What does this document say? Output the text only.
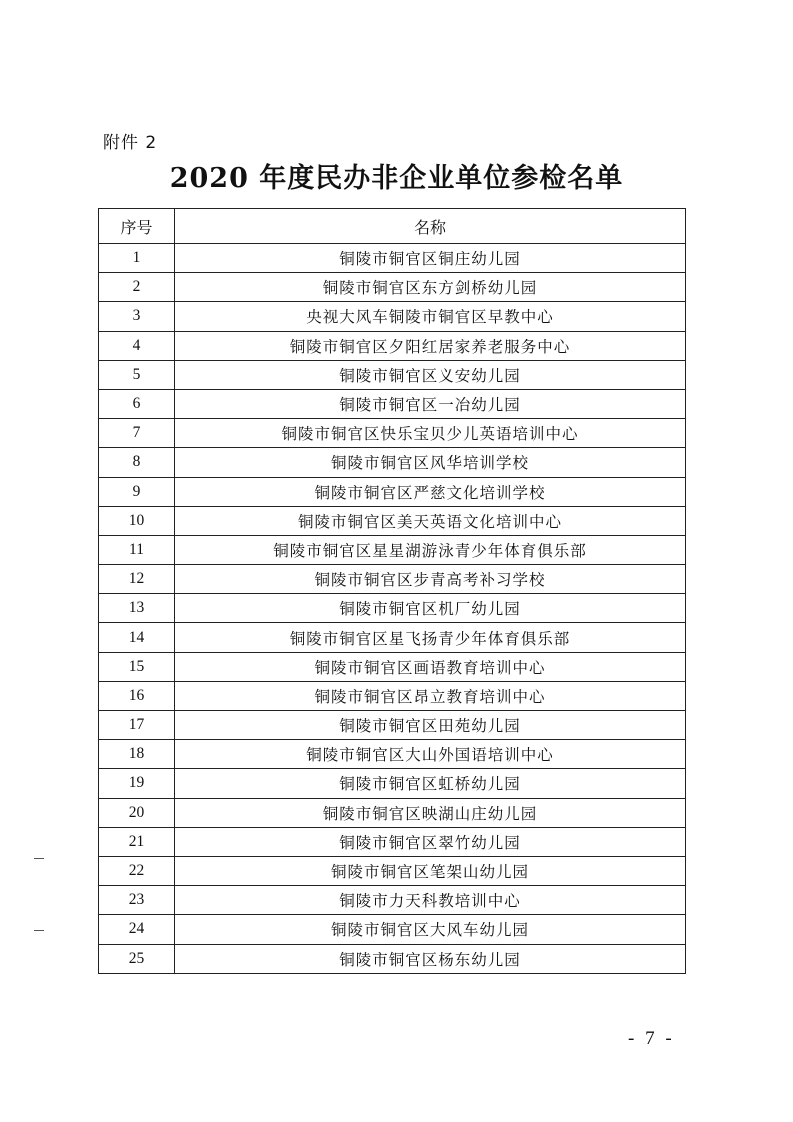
附件 2
2020 年度民办非企业单位参检名单
序号	名称
1	铜陵市铜官区铜庄幼儿园
2	铜陵市铜官区东方剑桥幼儿园
3	央视大风车铜陵市铜官区早教中心
4	铜陵市铜官区夕阳红居家养老服务中心
5	铜陵市铜官区义安幼儿园
6	铜陵市铜官区一冶幼儿园
7	铜陵市铜官区快乐宝贝少儿英语培训中心
8	铜陵市铜官区风华培训学校
9	铜陵市铜官区严慈文化培训学校
10	铜陵市铜官区美天英语文化培训中心
11	铜陵市铜官区星星湖游泳青少年体育俱乐部
12	铜陵市铜官区步青高考补习学校
13	铜陵市铜官区机厂幼儿园
14	铜陵市铜官区星飞扬青少年体育俱乐部
15	铜陵市铜官区画语教育培训中心
16	铜陵市铜官区昂立教育培训中心
17	铜陵市铜官区田苑幼儿园
18	铜陵市铜官区大山外国语培训中心
19	铜陵市铜官区虹桥幼儿园
20	铜陵市铜官区映湖山庄幼儿园
21	铜陵市铜官区翠竹幼儿园
22	铜陵市铜官区笔架山幼儿园
23	铜陵市力天科教培训中心
24	铜陵市铜官区大风车幼儿园
25	铜陵市铜官区杨东幼儿园
- 7 -
